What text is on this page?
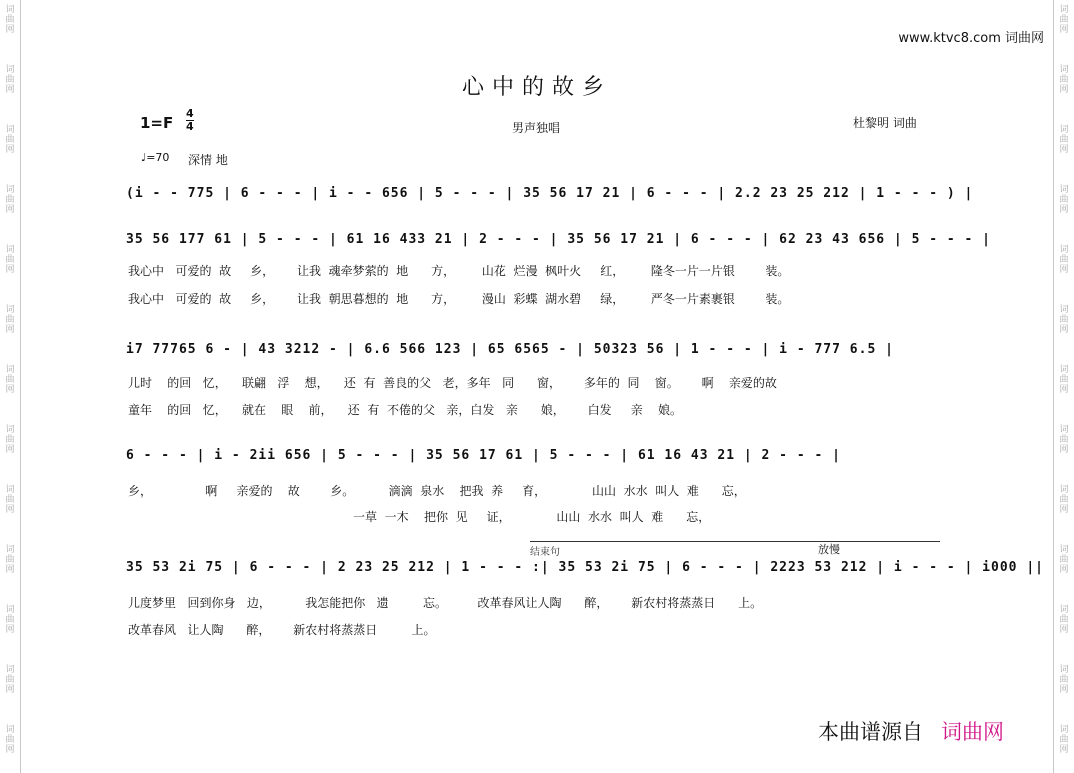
词曲网
词曲网
词曲网
词曲网
词曲网
词曲网
词曲网
词曲网
词曲网
词曲网
词曲网
词曲网
词曲网
词曲网
词曲网
词曲网
词曲网
词曲网
词曲网
词曲网
词曲网
词曲网
词曲网
词曲网
词曲网
词曲网
www.ktvc8.com 词曲网
心中的故乡
1=F
4
4	男声独唱	杜黎明 词曲
♩=70 深情 地
(i - - 775 | 6 - - - | i - - 656 | 5 - - - | 35 56 17 21 | 6 - - - | 2.2 23 25 212 | 1 - - - ) |
35 56 177 61 | 5 - - - | 61 16 433 21 | 2 - - - | 35 56 17 21 | 6 - - - | 62 23 43 656 | 5 - - - |
我心中   可爱的  故     乡，      让我  魂牵梦萦的  地      方，       山花  烂漫  枫叶火     红，       隆冬一片一片银        装。
我心中   可爱的  故     乡，      让我  朝思暮想的  地      方，       漫山  彩蝶  湖水碧     绿，       严冬一片素裹银        装。
i7 77765 6 - | 43 3212 - | 6.6 566 123 | 65 6565 - | 50323 56 | 1 - - - | i - 777 6.5 |
儿时    的回   忆，    联翩   浮    想，    还  有  善良的父   老，多年   同      窗，      多年的  同    窗。      啊    亲爱的故
童年    的回   忆，    就在    眼    前，    还  有  不倦的父   亲，白发   亲      娘，      白发     亲    娘。
6 - - - | i - 2ii 656 | 5 - - - | 35 56 17 61 | 5 - - - | 61 16 43 21 | 2 - - - |
乡，              啊     亲爱的    故        乡。         滴滴  泉水    把我  养     育，            山山  水水  叫人  难      忘，
一草  一木    把你  见     证，            山山  水水  叫人  难      忘，
结束句	放慢
35 53 2i 75 | 6 - - - | 2 23 25 212 | 1 - - - :| 35 53 2i 75 | 6 - - - | 2223 53 212 | i - - - | i000 ||
儿度梦里   回到你身   边，         我怎能把你   遗         忘。        改革春风让人陶      醉，      新农村将蒸蒸日      上。
改革春风   让人陶      醉，      新农村将蒸蒸日         上。
本曲谱源自 词曲网
